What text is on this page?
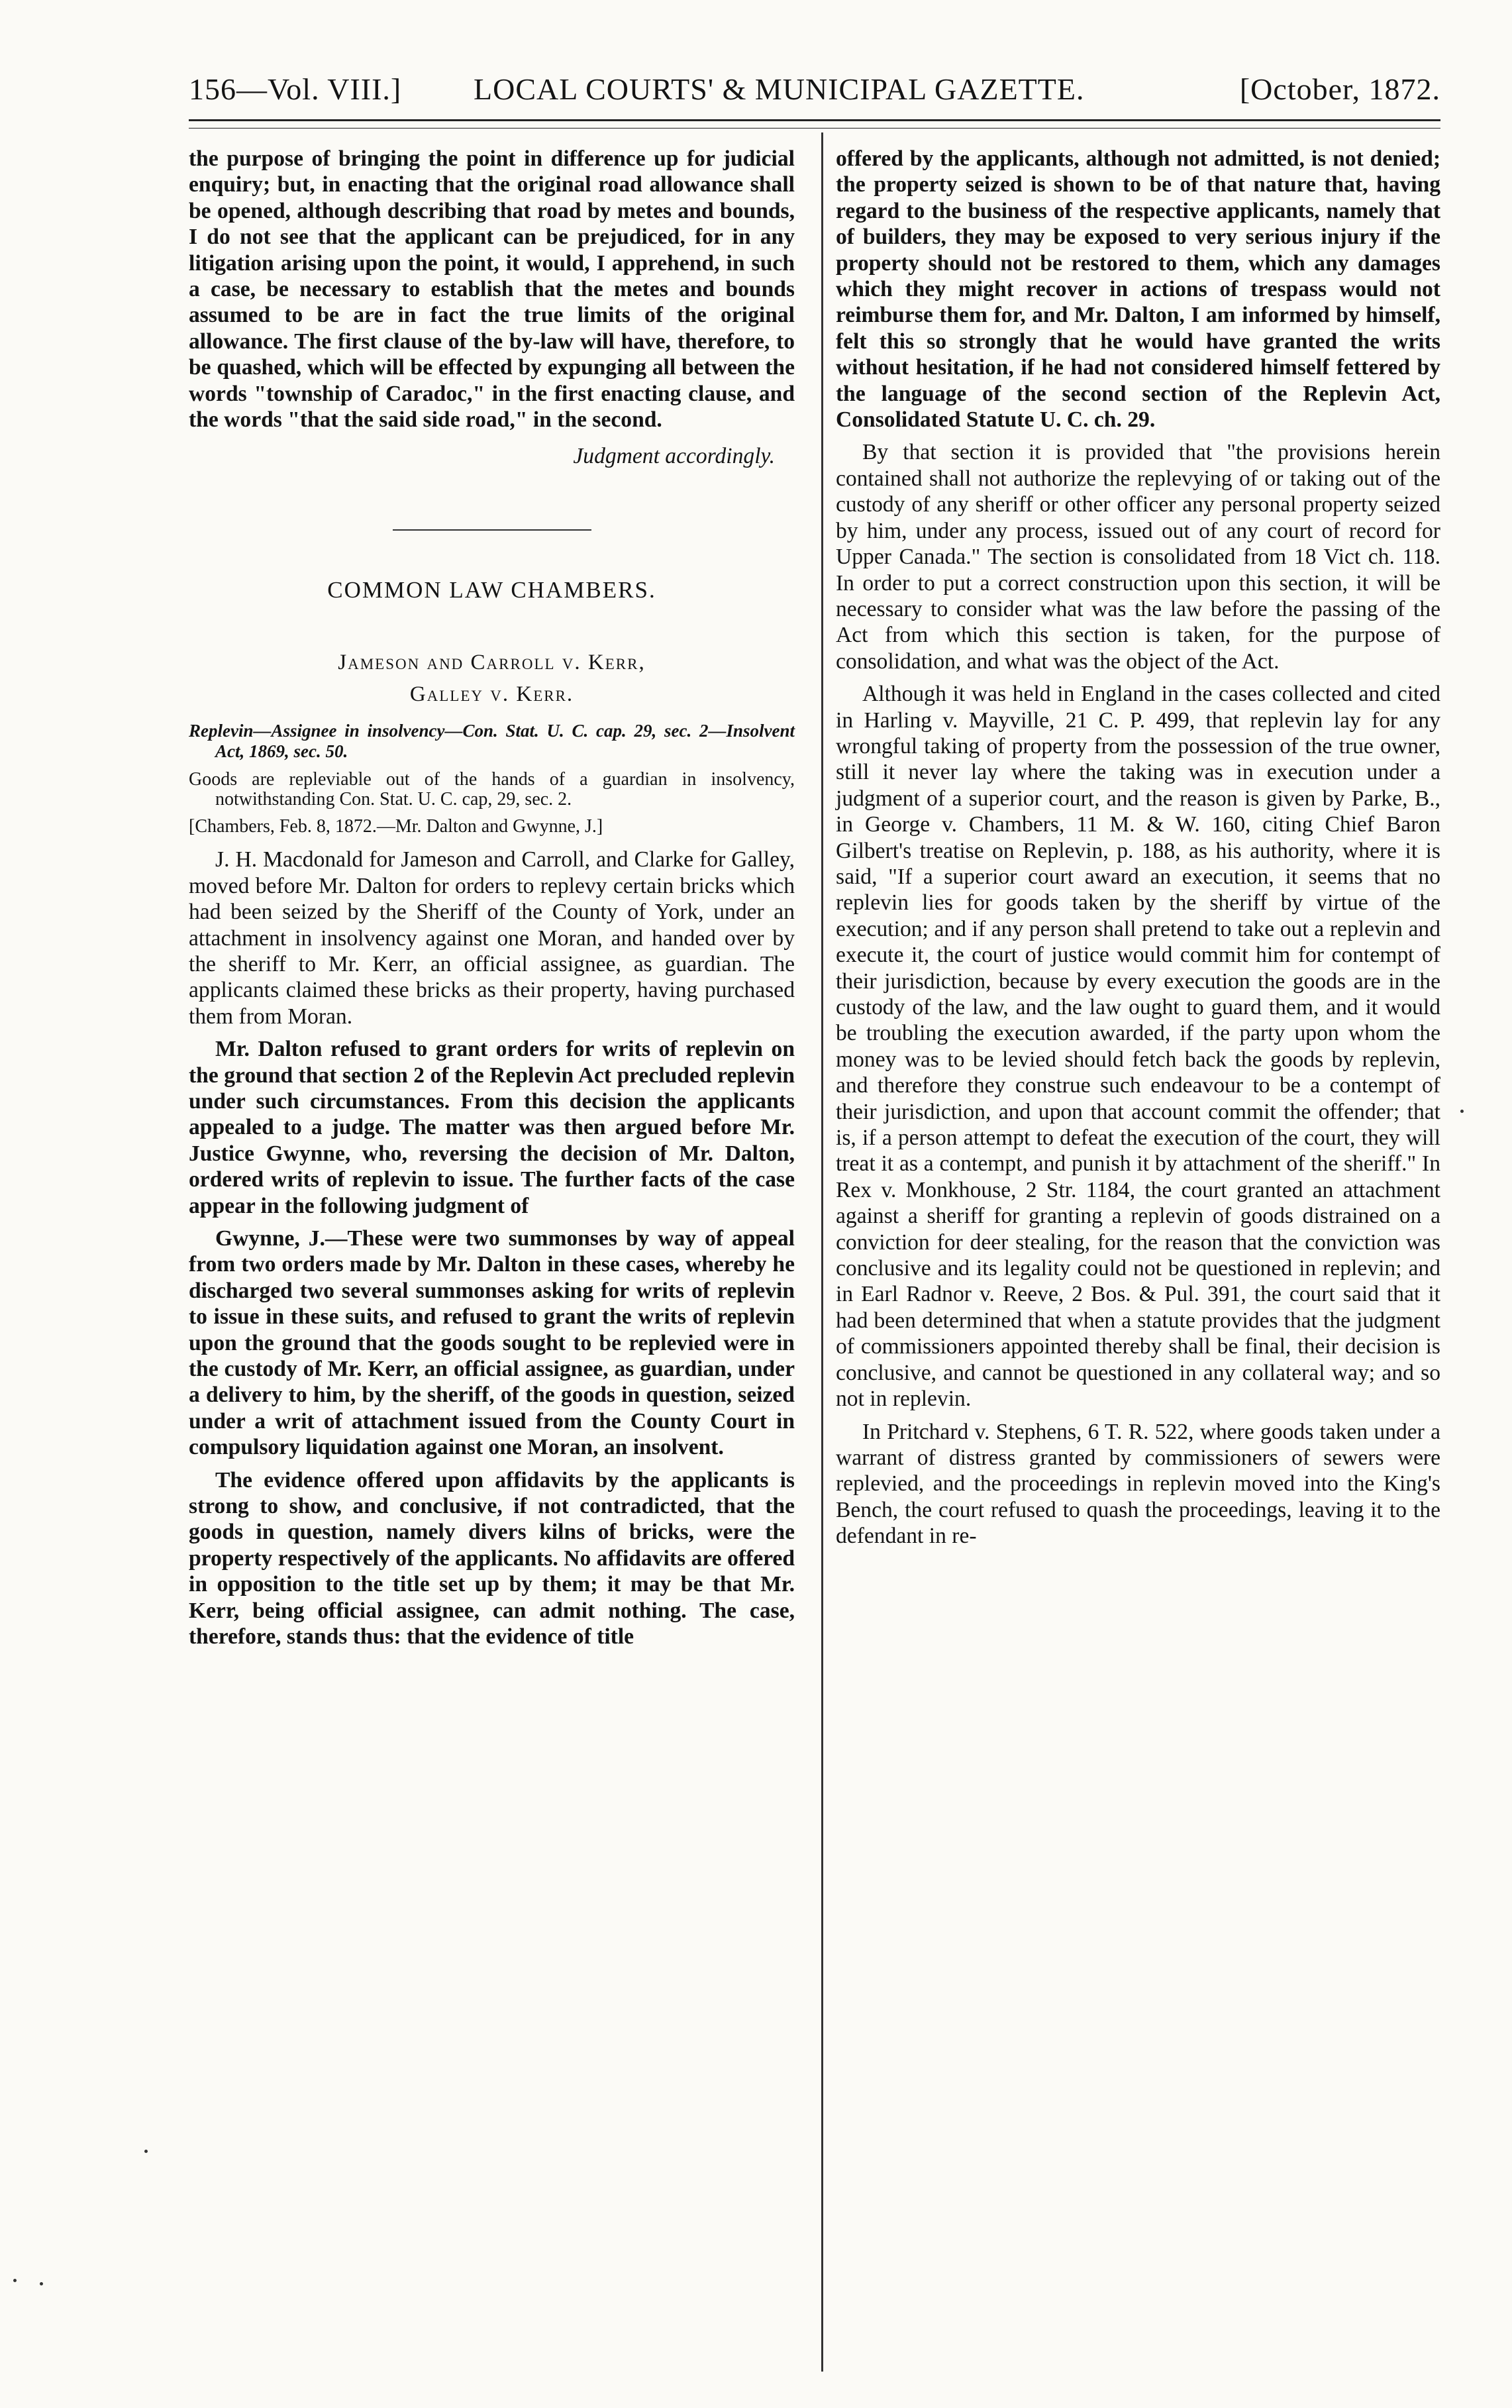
156—Vol. VIII.] LOCAL COURTS' & MUNICIPAL GAZETTE.	[October, 1872.

the purpose of bringing the point in difference up for judicial enquiry; but, in enacting that the original road allowance shall be opened, although describing that road by metes and bounds, I do not see that the applicant can be prejudiced, for in any litigation arising upon the point, it would, I apprehend, in such a case, be necessary to establish that the metes and bounds assumed to be are in fact the true limits of the original allowance. The first clause of the by-law will have, therefore, to be quashed, which will be effected by expunging all between the words "township of Caradoc," in the first enacting clause, and the words "that the said side road," in the second.

Judgment accordingly.

COMMON LAW CHAMBERS.

Jameson and Carroll v. Kerr,

Galley v. Kerr.

Replevin—Assignee in insolvency—Con. Stat. U. C. cap. 29, sec. 2—Insolvent Act, 1869, sec. 50.

Goods are repleviable out of the hands of a guardian in insolvency, notwithstanding Con. Stat. U. C. cap, 29, sec. 2.

[Chambers, Feb. 8, 1872.—Mr. Dalton and Gwynne, J.]

J. H. Macdonald for Jameson and Carroll, and Clarke for Galley, moved before Mr. Dalton for orders to replevy certain bricks which had been seized by the Sheriff of the County of York, under an attachment in insolvency against one Moran, and handed over by the sheriff to Mr. Kerr, an official assignee, as guardian. The applicants claimed these bricks as their property, having purchased them from Moran.

Mr. Dalton refused to grant orders for writs of replevin on the ground that section 2 of the Replevin Act precluded replevin under such circumstances. From this decision the applicants appealed to a judge. The matter was then argued before Mr. Justice Gwynne, who, reversing the decision of Mr. Dalton, ordered writs of replevin to issue. The further facts of the case appear in the following judgment of

Gwynne, J.—These were two summonses by way of appeal from two orders made by Mr. Dalton in these cases, whereby he discharged two several summonses asking for writs of replevin to issue in these suits, and refused to grant the writs of replevin upon the ground that the goods sought to be replevied were in the custody of Mr. Kerr, an official assignee, as guardian, under a delivery to him, by the sheriff, of the goods in question, seized under a writ of attachment issued from the County Court in compulsory liquidation against one Moran, an insolvent.

The evidence offered upon affidavits by the applicants is strong to show, and conclusive, if not contradicted, that the goods in question, namely divers kilns of bricks, were the property respectively of the applicants. No affidavits are offered in opposition to the title set up by them; it may be that Mr. Kerr, being official assignee, can admit nothing. The case, therefore, stands thus: that the evidence of title

offered by the applicants, although not admitted, is not denied; the property seized is shown to be of that nature that, having regard to the business of the respective applicants, namely that of builders, they may be exposed to very serious injury if the property should not be restored to them, which any damages which they might recover in actions of trespass would not reimburse them for, and Mr. Dalton, I am informed by himself, felt this so strongly that he would have granted the writs without hesitation, if he had not considered himself fettered by the language of the second section of the Replevin Act, Consolidated Statute U. C. ch. 29.

By that section it is provided that "the provisions herein contained shall not authorize the replevying of or taking out of the custody of any sheriff or other officer any personal property seized by him, under any process, issued out of any court of record for Upper Canada." The section is consolidated from 18 Vict ch. 118. In order to put a correct construction upon this section, it will be necessary to consider what was the law before the passing of the Act from which this section is taken, for the purpose of consolidation, and what was the object of the Act.

Although it was held in England in the cases collected and cited in Harling v. Mayville, 21 C. P. 499, that replevin lay for any wrongful taking of property from the possession of the true owner, still it never lay where the taking was in execution under a judgment of a superior court, and the reason is given by Parke, B., in George v. Chambers, 11 M. & W. 160, citing Chief Baron Gilbert's treatise on Replevin, p. 188, as his authority, where it is said, "If a superior court award an execution, it seems that no replevin lies for goods taken by the sheriff by virtue of the execution; and if any person shall pretend to take out a replevin and execute it, the court of justice would commit him for contempt of their jurisdiction, because by every execution the goods are in the custody of the law, and the law ought to guard them, and it would be troubling the execution awarded, if the party upon whom the money was to be levied should fetch back the goods by replevin, and therefore they construe such endeavour to be a contempt of their jurisdiction, and upon that account commit the offender; that is, if a person attempt to defeat the execution of the court, they will treat it as a contempt, and punish it by attachment of the sheriff." In Rex v. Monkhouse, 2 Str. 1184, the court granted an attachment against a sheriff for granting a replevin of goods distrained on a conviction for deer stealing, for the reason that the conviction was conclusive and its legality could not be questioned in replevin; and in Earl Radnor v. Reeve, 2 Bos. & Pul. 391, the court said that it had been determined that when a statute provides that the judgment of commissioners appointed thereby shall be final, their decision is conclusive, and cannot be questioned in any collateral way; and so not in replevin.

In Pritchard v. Stephens, 6 T. R. 522, where goods taken under a warrant of distress granted by commissioners of sewers were replevied, and the proceedings in replevin moved into the King's Bench, the court refused to quash the proceedings, leaving it to the defendant in re-
